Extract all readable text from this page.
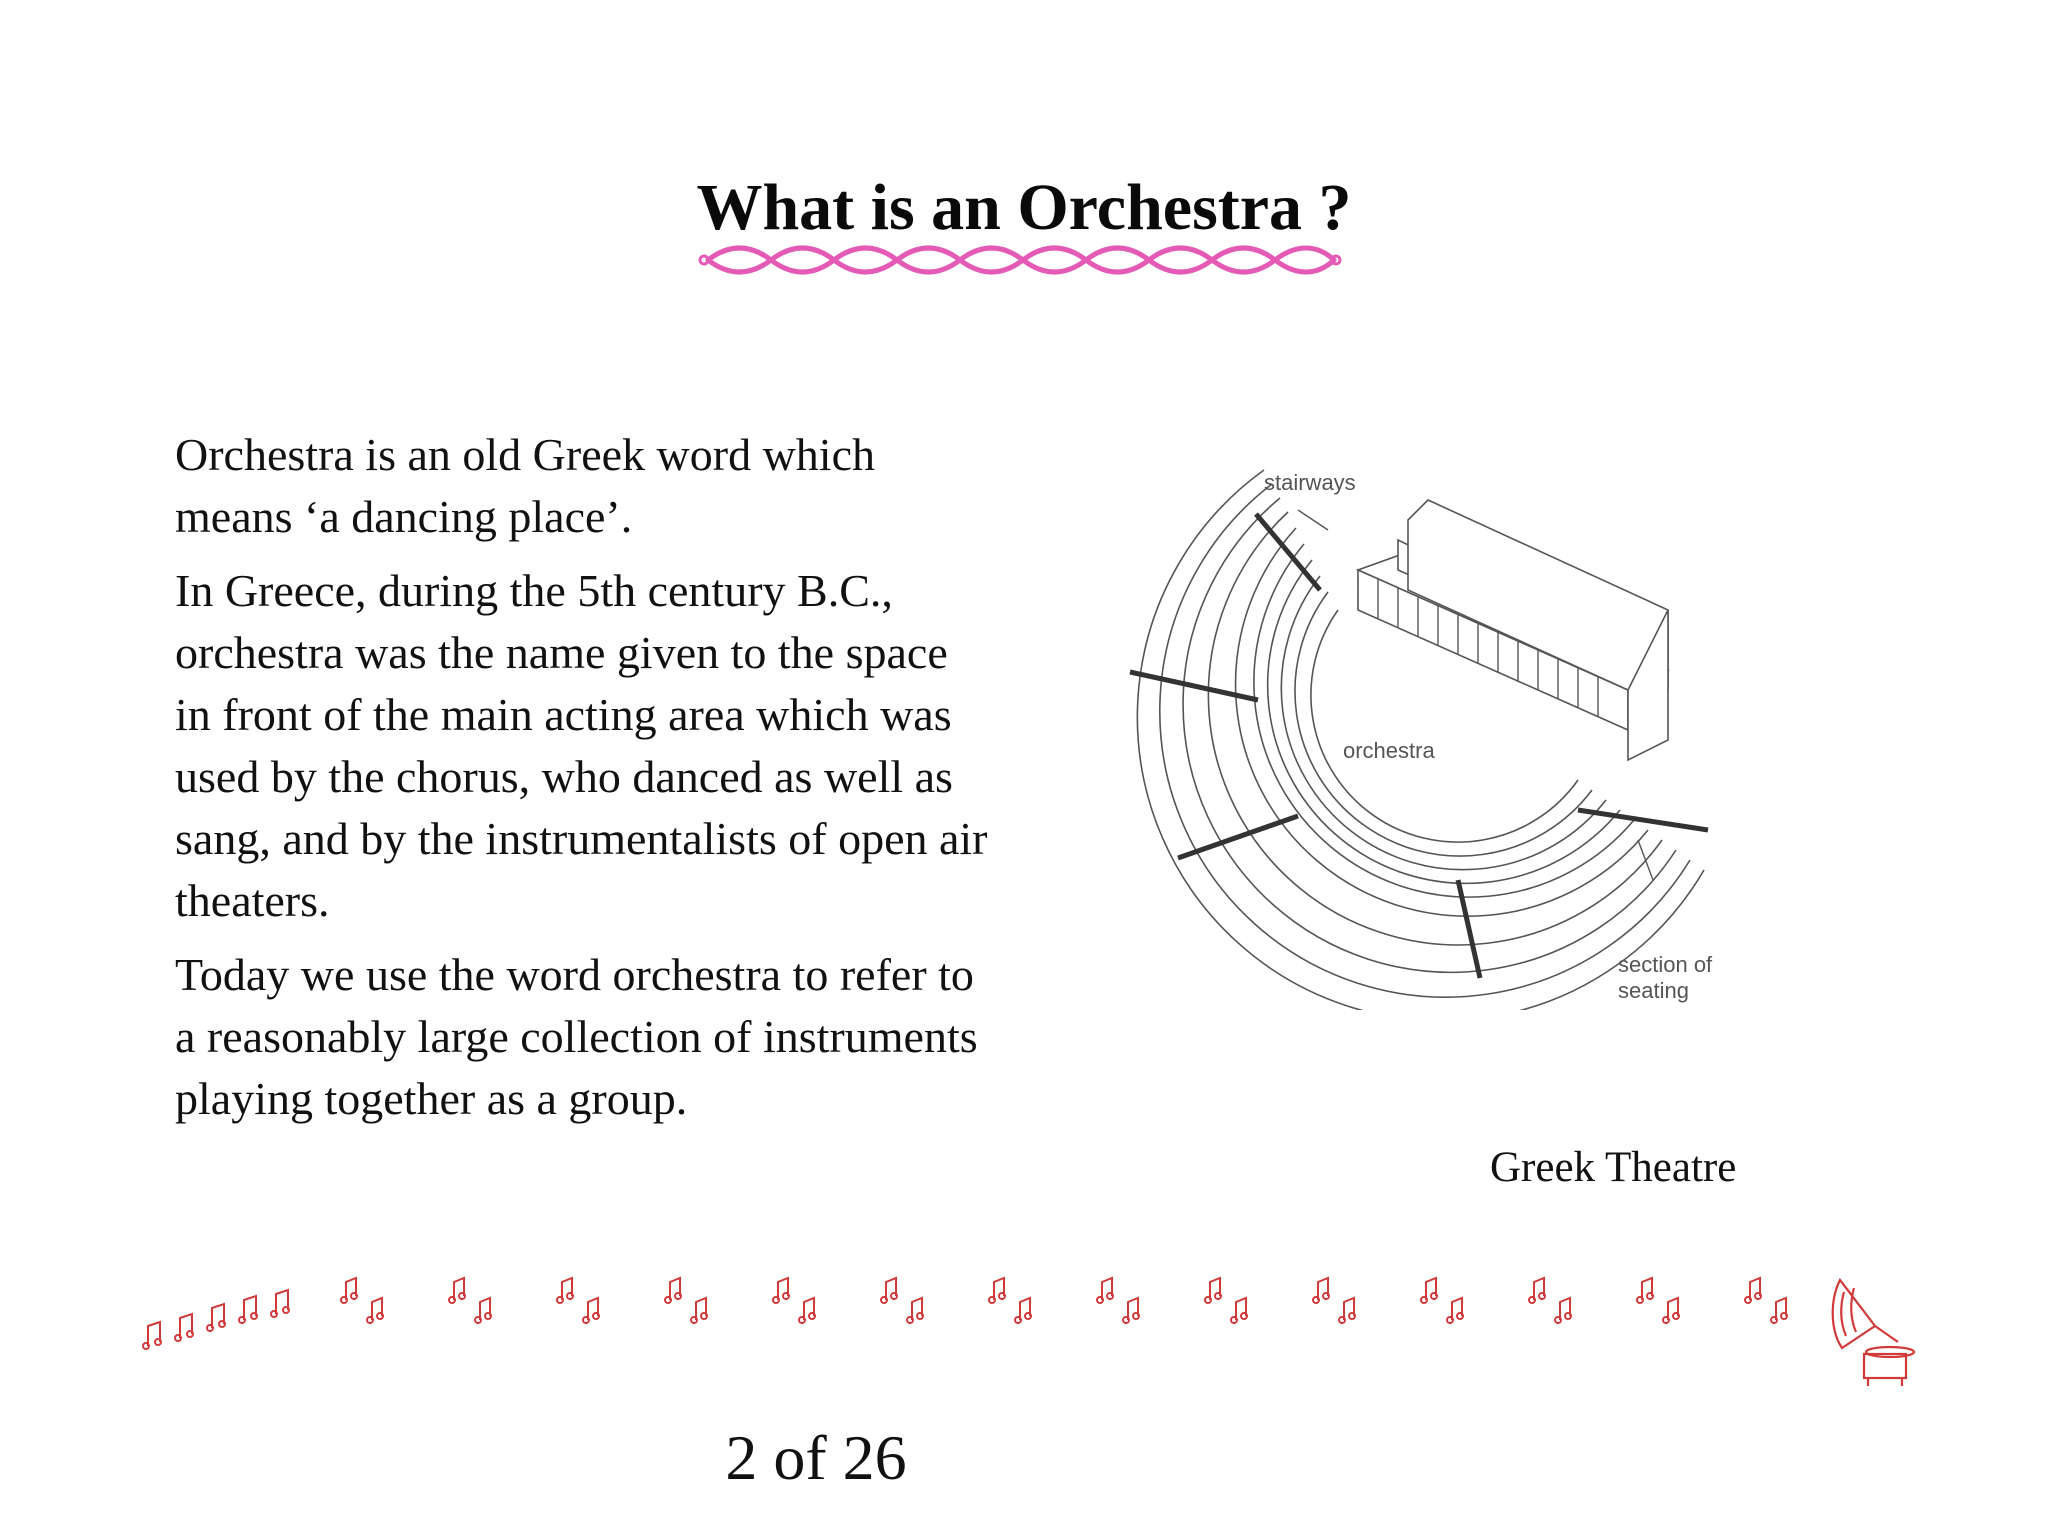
What is an Orchestra ?

Orchestra is an old Greek word which means ‘a dancing place’.

In Greece, during the 5th century B.C., orchestra was the name given to the space in front of the main acting area which was used by the chorus, who danced as well as sang, and by the instrumentalists of open air theaters.

Today we use the word orchestra to refer to a reasonably large collection of instruments playing together as a group.

stairways
orchestra
section of
seating
Greek Theatre
2 of 26
